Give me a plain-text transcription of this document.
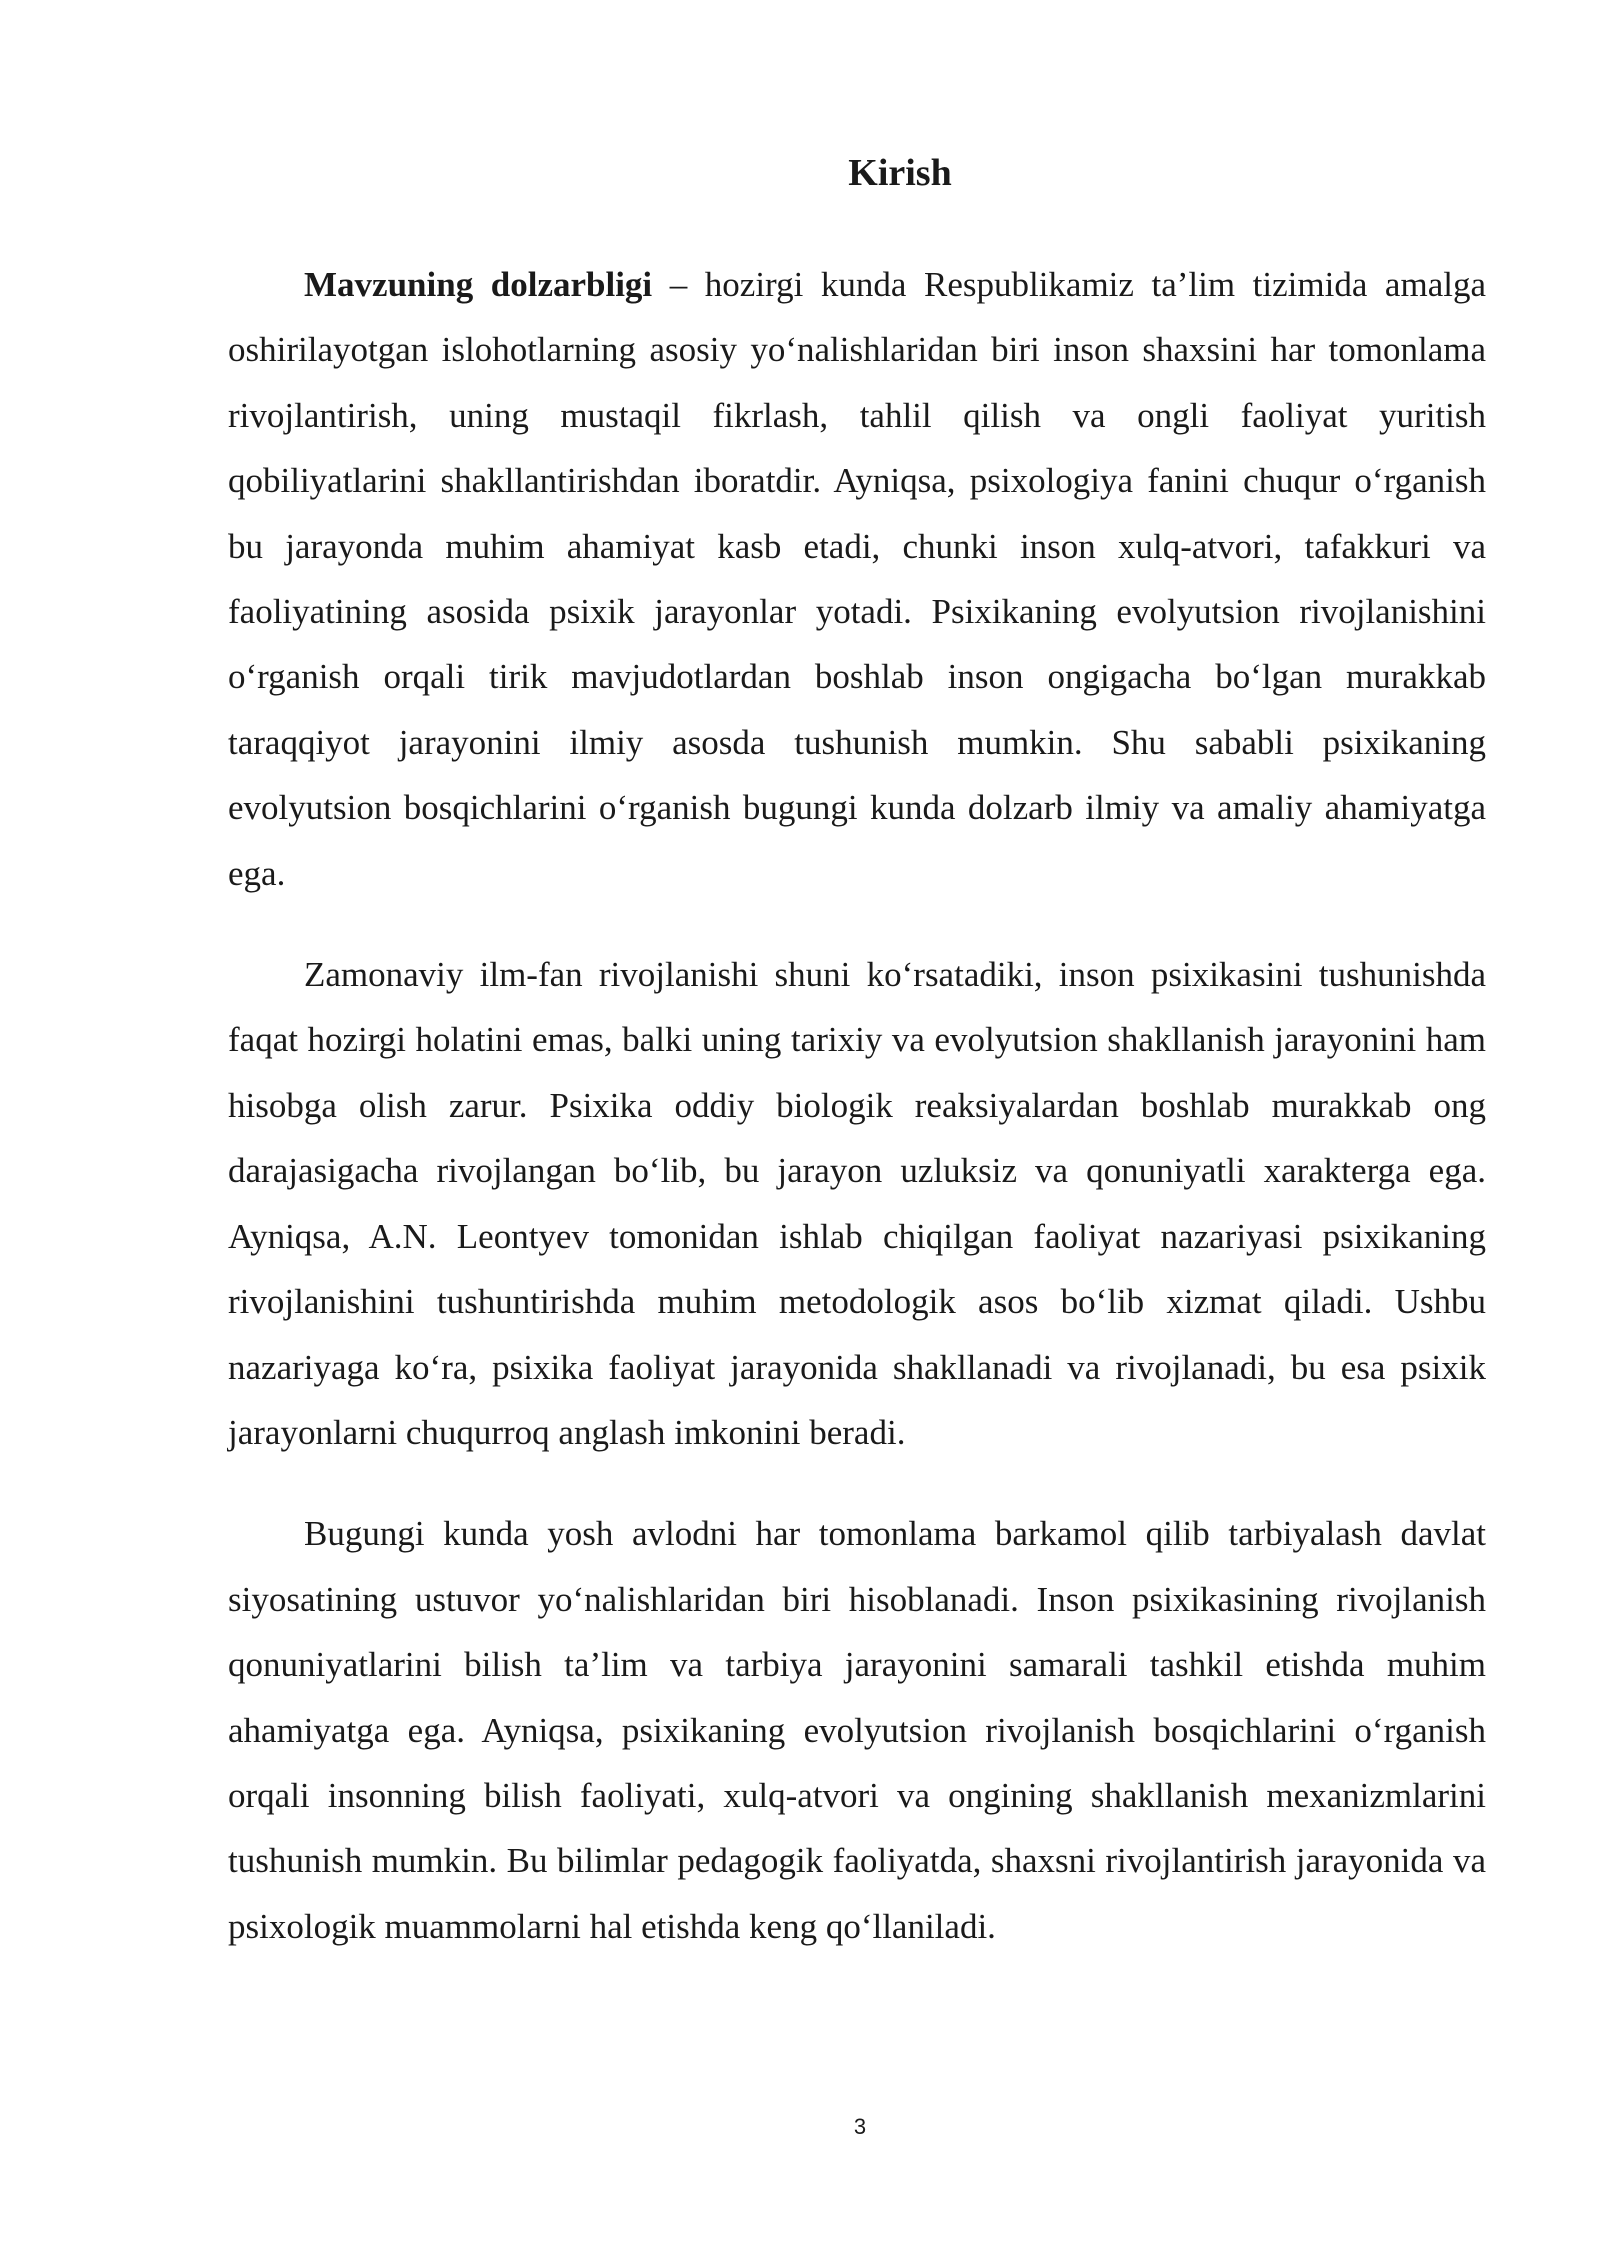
Kirish

Mavzuning dolzarbligi – hozirgi kunda Respublikamiz ta’lim tizimida amalga oshirilayotgan islohotlarning asosiy yo‘nalishlaridan biri inson shaxsini har tomonlama rivojlantirish, uning mustaqil fikrlash, tahlil qilish va ongli faoliyat yuritish qobiliyatlarini shakllantirishdan iboratdir. Ayniqsa, psixologiya fanini chuqur o‘rganish bu jarayonda muhim ahamiyat kasb etadi, chunki inson xulq-atvori, tafakkuri va faoliyatining asosida psixik jarayonlar yotadi. Psixikaning evolyutsion rivojlanishini o‘rganish orqali tirik mavjudotlardan boshlab inson ongigacha bo‘lgan murakkab taraqqiyot jarayonini ilmiy asosda tushunish mumkin. Shu sababli psixikaning evolyutsion bosqichlarini o‘rganish bugungi kunda dolzarb ilmiy va amaliy ahamiyatga ega.

Zamonaviy ilm-fan rivojlanishi shuni ko‘rsatadiki, inson psixikasini tushunishda faqat hozirgi holatini emas, balki uning tarixiy va evolyutsion shakllanish jarayonini ham hisobga olish zarur. Psixika oddiy biologik reaksiyalardan boshlab murakkab ong darajasigacha rivojlangan bo‘lib, bu jarayon uzluksiz va qonuniyatli xarakterga ega. Ayniqsa, A.N. Leontyev tomonidan ishlab chiqilgan faoliyat nazariyasi psixikaning rivojlanishini tushuntirishda muhim metodologik asos bo‘lib xizmat qiladi. Ushbu nazariyaga ko‘ra, psixika faoliyat jarayonida shakllanadi va rivojlanadi, bu esa psixik jarayonlarni chuqurroq anglash imkonini beradi.

Bugungi kunda yosh avlodni har tomonlama barkamol qilib tarbiyalash davlat siyosatining ustuvor yo‘nalishlaridan biri hisoblanadi. Inson psixikasining rivojlanish qonuniyatlarini bilish ta’lim va tarbiya jarayonini samarali tashkil etishda muhim ahamiyatga ega. Ayniqsa, psixikaning evolyutsion rivojlanish bosqichlarini o‘rganish orqali insonning bilish faoliyati, xulq-atvori va ongining shakllanish mexanizmlarini tushunish mumkin. Bu bilimlar pedagogik faoliyatda, shaxsni rivojlantirish jarayonida va psixologik muammolarni hal etishda keng qo‘llaniladi.

3
